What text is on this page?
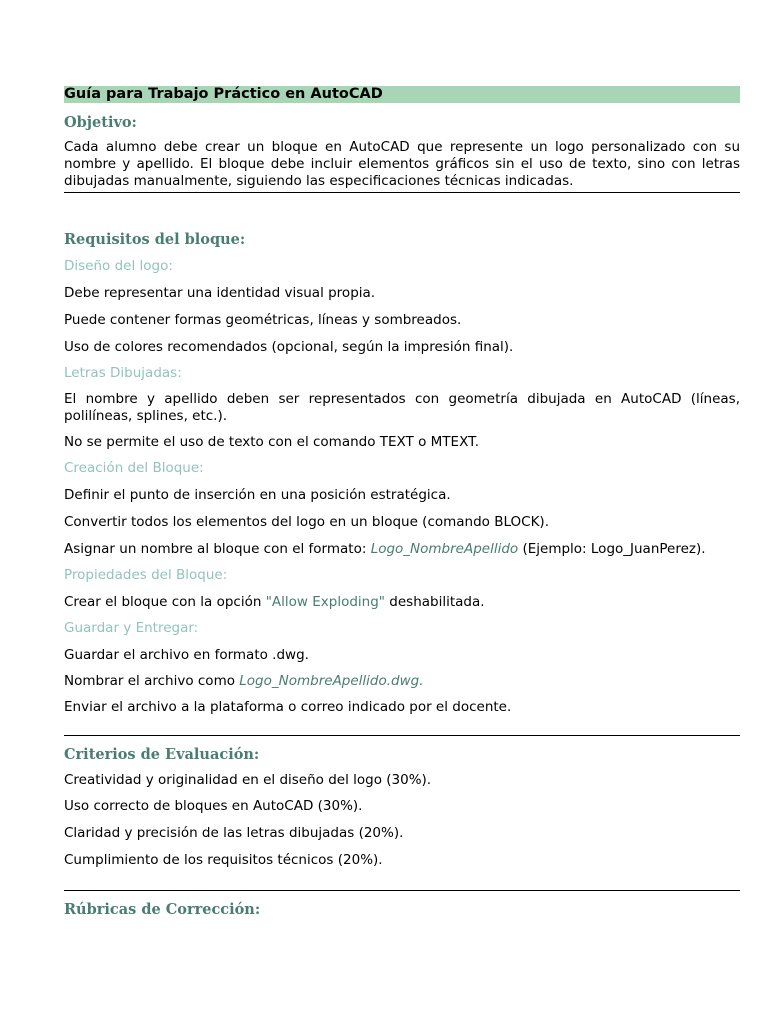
Guía para Trabajo Práctico en AutoCAD
Objetivo:

Cada alumno debe crear un bloque en AutoCAD que represente un logo personalizado con su nombre y apellido. El bloque debe incluir elementos gráficos sin el uso de texto, sino con letras dibujadas manualmente, siguiendo las especificaciones técnicas indicadas.

Requisitos del bloque:

Diseño del logo:

Debe representar una identidad visual propia.

Puede contener formas geométricas, líneas y sombreados.

Uso de colores recomendados (opcional, según la impresión final).

Letras Dibujadas:

El nombre y apellido deben ser representados con geometría dibujada en AutoCAD (líneas, polilíneas, splines, etc.).

No se permite el uso de texto con el comando TEXT o MTEXT.

Creación del Bloque:

Definir el punto de inserción en una posición estratégica.

Convertir todos los elementos del logo en un bloque (comando BLOCK).

Asignar un nombre al bloque con el formato: Logo_NombreApellido (Ejemplo: Logo_JuanPerez).

Propiedades del Bloque:

Crear el bloque con la opción "Allow Exploding" deshabilitada.

Guardar y Entregar:

Guardar el archivo en formato .dwg.

Nombrar el archivo como Logo_NombreApellido.dwg.

Enviar el archivo a la plataforma o correo indicado por el docente.

Criterios de Evaluación:

Creatividad y originalidad en el diseño del logo (30%).

Uso correcto de bloques en AutoCAD (30%).

Claridad y precisión de las letras dibujadas (20%).

Cumplimiento de los requisitos técnicos (20%).

Rúbricas de Corrección:
